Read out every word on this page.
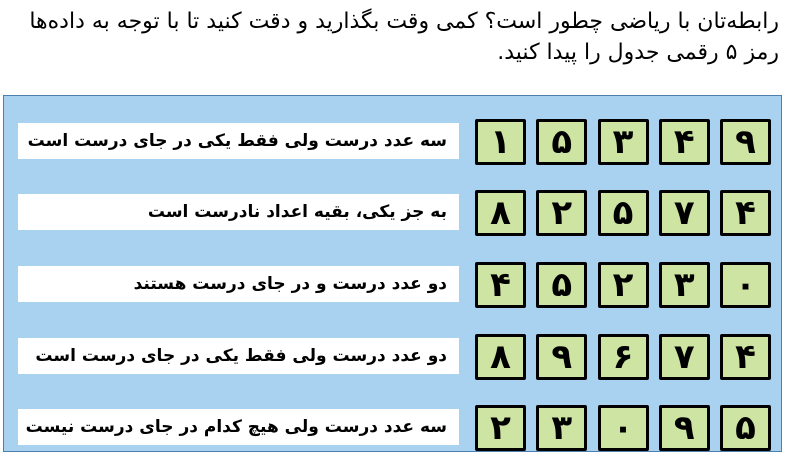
رابطه‌تان با ریاضی چطور است؟ کمی وقت بگذارید و دقت کنید تا با توجه به داده‌ها
رمز ۵ رقمی جدول را پیدا کنید.
سه عدد درست ولی فقط یکی در جای درست است	۱	۵	۳	۴	۹
به جز یکی، بقیه اعداد نادرست است	۸	۲	۵	۷	۴
دو عدد درست و در جای درست هستند	۴	۵	۲	۳	۰
دو عدد درست ولی فقط یکی در جای درست است	۸	۹	۶	۷	۴
سه عدد درست ولی هیچ کدام در جای درست نیست	۲	۳	۰	۹	۵
